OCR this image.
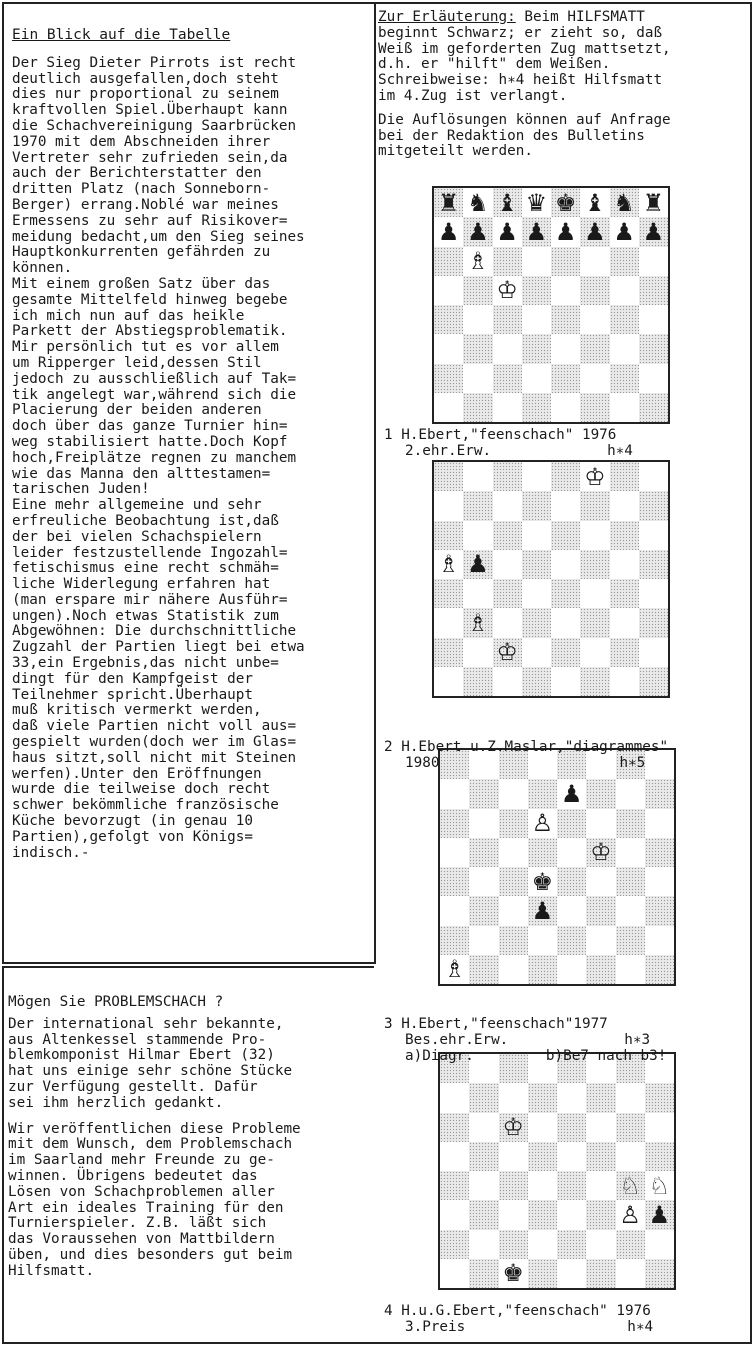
Ein Blick auf die Tabelle

Der Sieg Dieter Pirrots ist recht

deutlich ausgefallen,doch steht

dies nur proportional zu seinem

kraftvollen Spiel.Überhaupt kann

die Schachvereinigung Saarbrücken

1970 mit dem Abschneiden ihrer

Vertreter sehr zufrieden sein,da

auch der Berichterstatter den

dritten Platz (nach Sonneborn-

Berger) errang.Noblé war meines

Ermessens zu sehr auf Risikover=

meidung bedacht,um den Sieg seines

Hauptkonkurrenten gefährden zu

können.

Mit einem großen Satz über das

gesamte Mittelfeld hinweg begebe

ich mich nun auf das heikle

Parkett der Abstiegsproblematik.

Mir persönlich tut es vor allem

um Ripperger leid,dessen Stil

jedoch zu ausschließlich auf Tak=

tik angelegt war,während sich die

Placierung der beiden anderen

doch über das ganze Turnier hin=

weg stabilisiert hatte.Doch Kopf

hoch,Freiplätze regnen zu manchem

wie das Manna den alttestamen=

tarischen Juden!

Eine mehr allgemeine und sehr

erfreuliche Beobachtung ist,daß

der bei vielen Schachspielern

leider festzustellende Ingozahl=

fetischismus eine recht schmäh=

liche Widerlegung erfahren hat

(man erspare mir nähere Ausführ=

ungen).Noch etwas Statistik zum

Abgewöhnen: Die durchschnittliche

Zugzahl der Partien liegt bei etwa

33,ein Ergebnis,das nicht unbe=

dingt für den Kampfgeist der

Teilnehmer spricht.Überhaupt

muß kritisch vermerkt werden,

daß viele Partien nicht voll aus=

gespielt wurden(doch wer im Glas=

haus sitzt,soll nicht mit Steinen

werfen).Unter den Eröffnungen

wurde die teilweise doch recht

schwer bekömmliche französische

Küche bevorzugt (in genau 10

Partien),gefolgt von Königs=

indisch.-

Mögen Sie PROBLEMSCHACH ?

Der international sehr bekannte,

aus Altenkessel stammende Pro-

blemkomponist Hilmar Ebert (32)

hat uns einige sehr schöne Stücke

zur Verfügung gestellt. Dafür

sei ihm herzlich gedankt.

Wir veröffentlichen diese Probleme

mit dem Wunsch, dem Problemschach

im Saarland mehr Freunde zu ge-

winnen. Übrigens bedeutet das

Lösen von Schachproblemen aller

Art ein ideales Training für den

Turnierspieler. Z.B. läßt sich

das Voraussehen von Mattbildern

üben, und dies besonders gut beim

Hilfsmatt.

Zur Erläuterung: Beim HILFSMATT

beginnt Schwarz; er zieht so, daß

Weiß im geforderten Zug mattsetzt,

d.h. er "hilft" dem Weißen.

Schreibweise: h∗4 heißt Hilfsmatt

im 4.Zug ist verlangt.

Die Auflösungen können auf Anfrage

bei der Redaktion des Bulletins

mitgeteilt werden.

♜ ♞ ♝ ♛ ♚ ♝ ♞ ♜
♟ ♟ ♟ ♟ ♟ ♟ ♟ ♟
♗
♔
♔
♗ ♟
♗
♔
♟
♙
♔
♚
♟
♗
♔
♘ ♘
♙ ♟
♚

1 H.Ebert,"feenschach" 1976

2.ehr.Erw.	h∗4

2 H.Ebert u.Z.Maslar,"diagrammes"

1980	h∗5

3 H.Ebert,"feenschach"1977

Bes.ehr.Erw.	h∗3

a)Diagr.	b)Be7 nach b3!

4 H.u.G.Ebert,"feenschach" 1976

3.Preis	h∗4
